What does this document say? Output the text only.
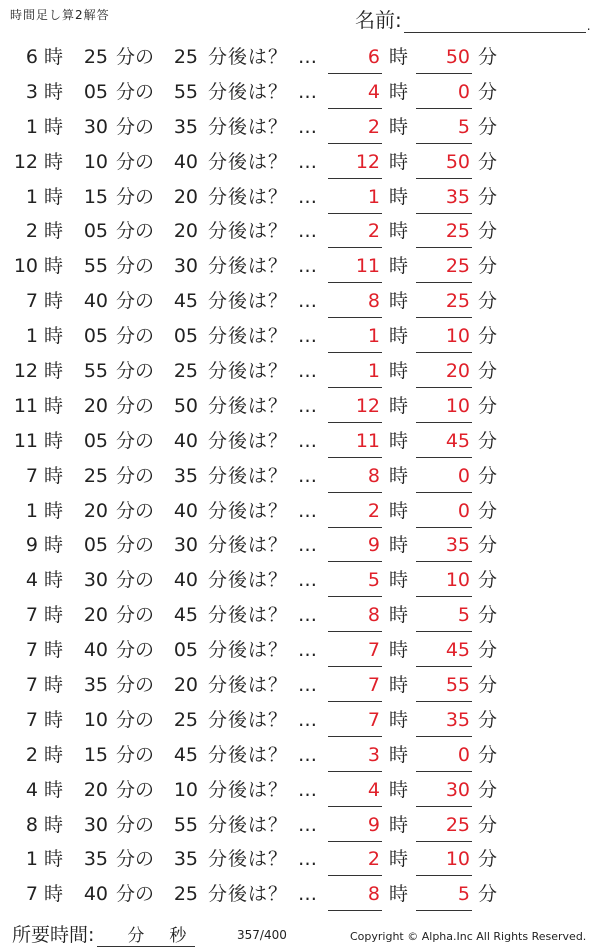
時間足し算2解答	名前:	.
6 時	25 分の	25 分後は？ …	6 時	50 分
3 時	05 分の	55 分後は？ …	4 時	0 分
1 時	30 分の	35 分後は？ …	2 時	5 分
12 時	10 分の	40 分後は？ …	12 時	50 分
1 時	15 分の	20 分後は？ …	1 時	35 分
2 時	05 分の	20 分後は？ …	2 時	25 分
10 時	55 分の	30 分後は？ …	11 時	25 分
7 時	40 分の	45 分後は？ …	8 時	25 分
1 時	05 分の	05 分後は？ …	1 時	10 分
12 時	55 分の	25 分後は？ …	1 時	20 分
11 時	20 分の	50 分後は？ …	12 時	10 分
11 時	05 分の	40 分後は？ …	11 時	45 分
7 時	25 分の	35 分後は？ …	8 時	0 分
1 時	20 分の	40 分後は？ …	2 時	0 分
9 時	05 分の	30 分後は？ …	9 時	35 分
4 時	30 分の	40 分後は？ …	5 時	10 分
7 時	20 分の	45 分後は？ …	8 時	5 分
7 時	40 分の	05 分後は？ …	7 時	45 分
7 時	35 分の	20 分後は？ …	7 時	55 分
7 時	10 分の	25 分後は？ …	7 時	35 分
2 時	15 分の	45 分後は？ …	3 時	0 分
4 時	20 分の	10 分後は？ …	4 時	30 分
8 時	30 分の	55 分後は？ …	9 時	25 分
1 時	35 分の	35 分後は？ …	2 時	10 分
7 時	40 分の	25 分後は？ …	8 時	5 分
所要時間: 分 秒	357/400	Copyright © Alpha.Inc All Rights Reserved.
